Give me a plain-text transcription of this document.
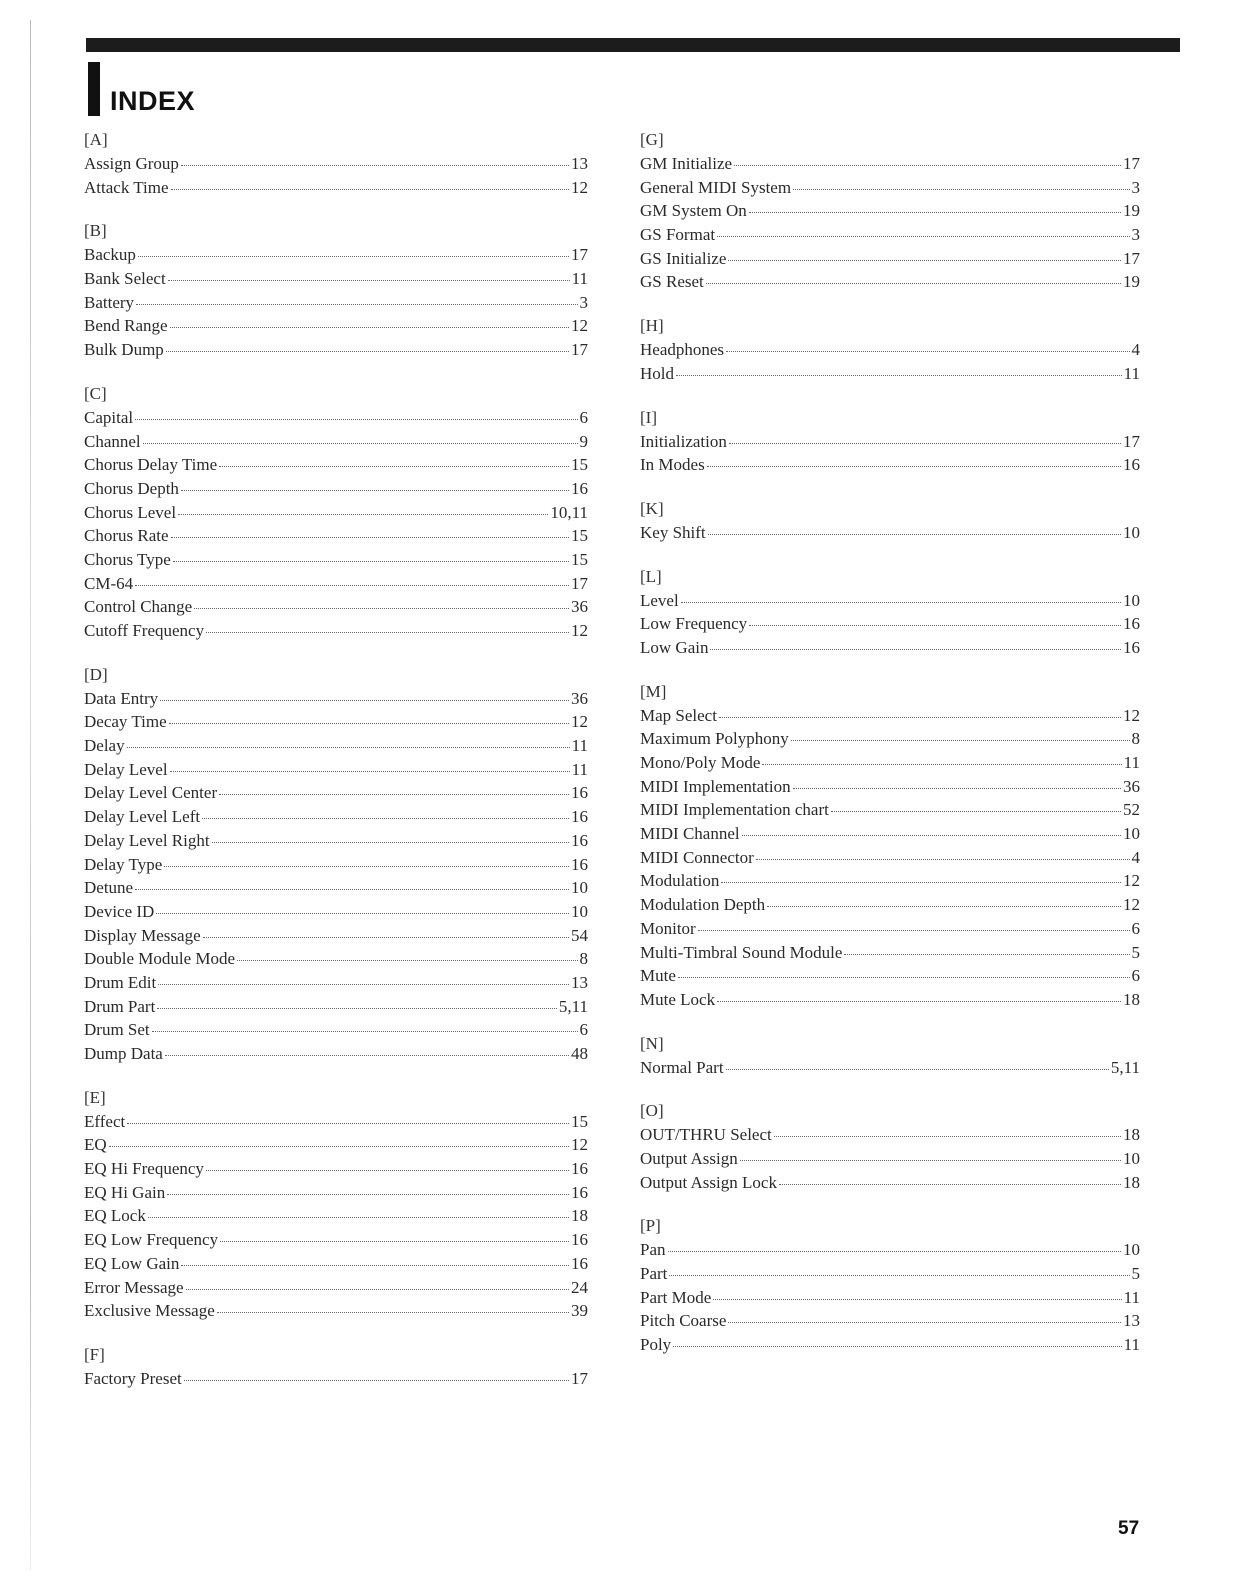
INDEX
[A]
Assign Group	13
Attack Time	12
[B]
Backup	17
Bank Select	11
Battery	3
Bend Range	12
Bulk Dump	17
[C]
Capital	6
Channel	9
Chorus Delay Time	15
Chorus Depth	16
Chorus Level	10,11
Chorus Rate	15
Chorus Type	15
CM-64	17
Control Change	36
Cutoff Frequency	12
[D]
Data Entry	36
Decay Time	12
Delay	11
Delay Level	11
Delay Level Center	16
Delay Level Left	16
Delay Level Right	16
Delay Type	16
Detune	10
Device ID	10
Display Message	54
Double Module Mode	8
Drum Edit	13
Drum Part	5,11
Drum Set	6
Dump Data	48
[E]
Effect	15
EQ	12
EQ Hi Frequency	16
EQ Hi Gain	16
EQ Lock	18
EQ Low Frequency	16
EQ Low Gain	16
Error Message	24
Exclusive Message	39
[F]
Factory Preset	17
[G]
GM Initialize	17
General MIDI System	3
GM System On	19
GS Format	3
GS Initialize	17
GS Reset	19
[H]
Headphones	4
Hold	11
[I]
Initialization	17
In Modes	16
[K]
Key Shift	10
[L]
Level	10
Low Frequency	16
Low Gain	16
[M]
Map Select	12
Maximum Polyphony	8
Mono/Poly Mode	11
MIDI Implementation	36
MIDI Implementation chart	52
MIDI Channel	10
MIDI Connector	4
Modulation	12
Modulation Depth	12
Monitor	6
Multi-Timbral Sound Module	5
Mute	6
Mute Lock	18
[N]
Normal Part	5,11
[O]
OUT/THRU Select	18
Output Assign	10
Output Assign Lock	18
[P]
Pan	10
Part	5
Part Mode	11
Pitch Coarse	13
Poly	11
57
